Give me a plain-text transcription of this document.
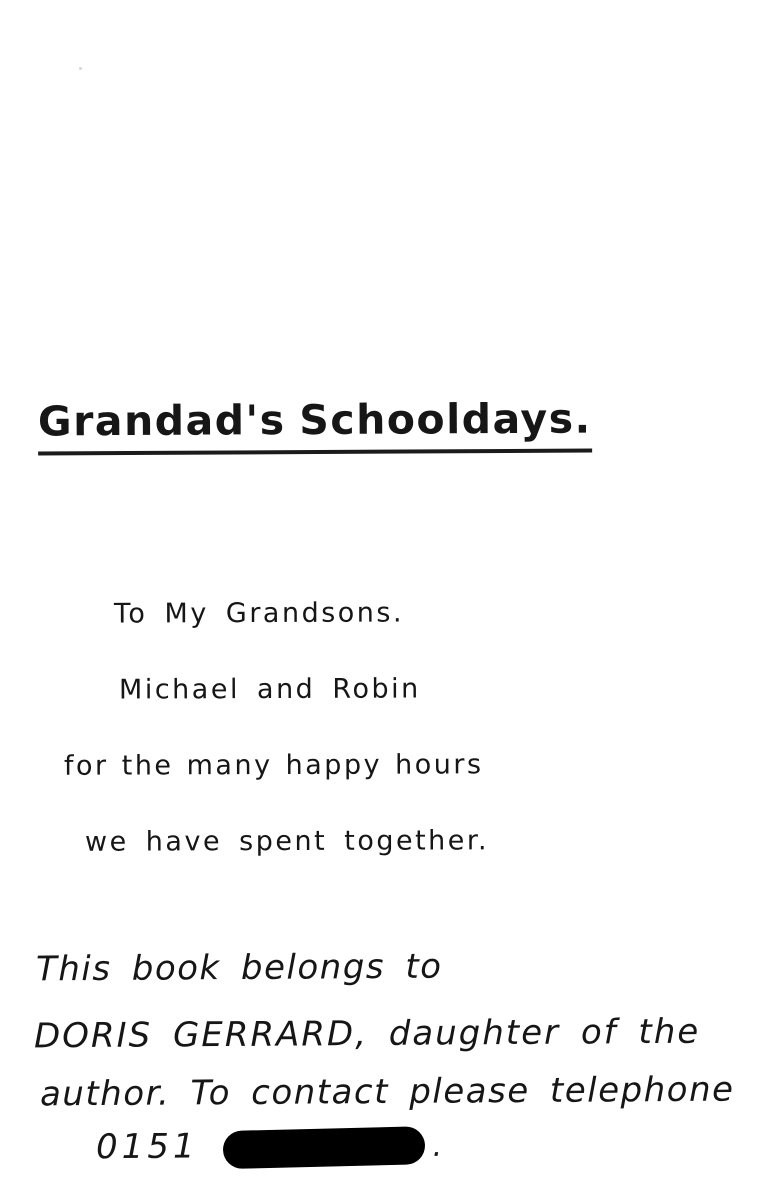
Grandad's Schooldays.
To My Grandsons.
Michael and Robin
for the many happy hours
we have spent together.
This book belongs to
DORIS GERRARD, daughter of the
author. To contact please telephone
0151	.
